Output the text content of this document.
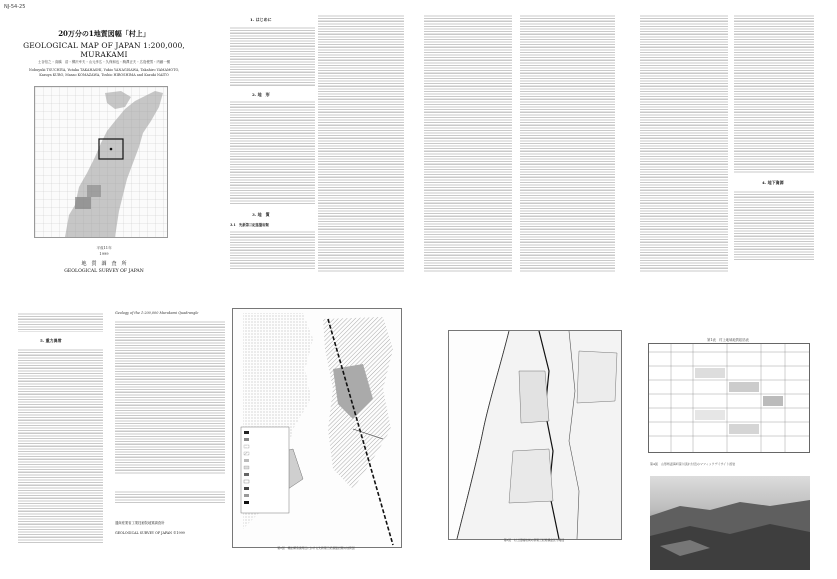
NJ-54-25
20万分の1地質図幅「村上」
GEOLOGICAL MAP OF JAPAN 1:200,000, MURAKAMI
土谷信之・高橋　浩・柳沢幸夫・山元孝広・久保和也・駒澤正夫・広島俊男・内藤一樹
Nobuyuki TSUCHIYA, Yutaka TAKAHASHI, Yukio YANAGISAWA, Takahiro YAMAMOTO,
Kazuya KUBO, Masao KOMAZAWA, Toshio HIROSHIMA and Kazuki NAITO
平成11年
1999
地　質　調　査　所
GEOLOGICAL SURVEY OF JAPAN
1. はじめに
2. 地　形
3. 地　質
3.1　先新第三紀基盤岩類
4. 地下資源
5. 重力異常
Geology of the 1:200,000 Murakami Quadrangle
通商産業省工業技術院地質調査所
GEOLOGICAL SURVEY OF JAPAN ©1999
第2図　機能構造線周辺における先新第三紀基盤岩類の地質図
第3図　村上図幅地域の新第三紀堆積盆区分略図
第1表　村上地域地質総括表
第4図　山形県温海町笹川流れ付近のマフィックデイサイト溶岩
